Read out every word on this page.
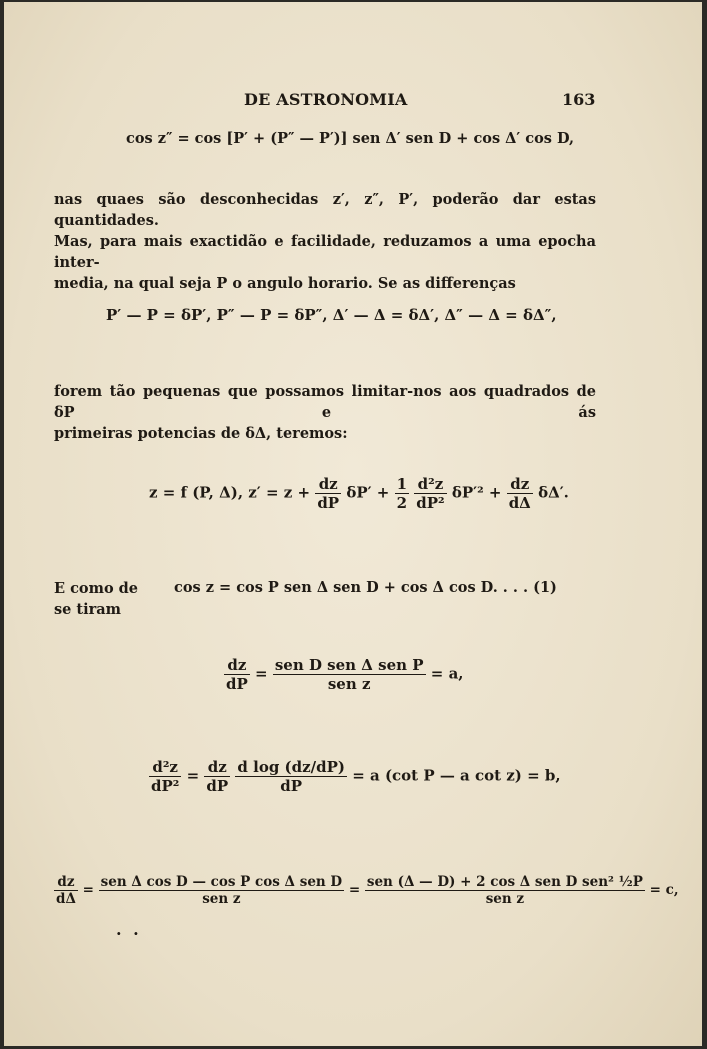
DE ASTRONOMIA	163
cos z″ = cos [P′ + (P″ — P′)] sen Δ′ sen D + cos Δ′ cos D,
nas quaes são desconhecidas z′, z″, P′, poderão dar estas quantidades.
Mas, para mais exactidão e facilidade, reduzamos a uma epocha inter-
media, na qual seja P o angulo horario. Se as differenças
P′ — P = δP′, P″ — P = δP″, Δ′ — Δ = δΔ′, Δ″ — Δ = δΔ″,
forem tão pequenas que possamos limitar-nos aos quadrados de δP e ás
primeiras potencias de δΔ, teremos:
z = f (P, Δ), $z' = z + \frac{dz}{dP} \delta P' + \frac{1}{2}$
$\frac{\text{d²z}}{\text{dP²}} \delta P'^2 + \frac{dz}{d\Delta} \delta\Delta'$.
E como de
se tiram
cos z = cos P sen Δ sen D + cos Δ cos D. . . . (1)
$\frac{dz}{dP} = \frac{\text{sen D sen Δ sen P}}{\text{sen z}} = a$,
$\frac{\text{d²z}}{\text{dP²}} = \frac{dz}{dP}$
$\frac{\text{d log (dz/dP)}}{dP} = a$ (cot P — a cot z) = b,
$\frac{dz}{d\Delta} = \frac{\text{sen Δ cos D — cos P cos Δ sen D}}{\text{sen z}} = \frac{\text{sen (Δ — D) + 2 cos Δ sen D sen² ½P}}{\text{sen z}} = c$,
· ·
